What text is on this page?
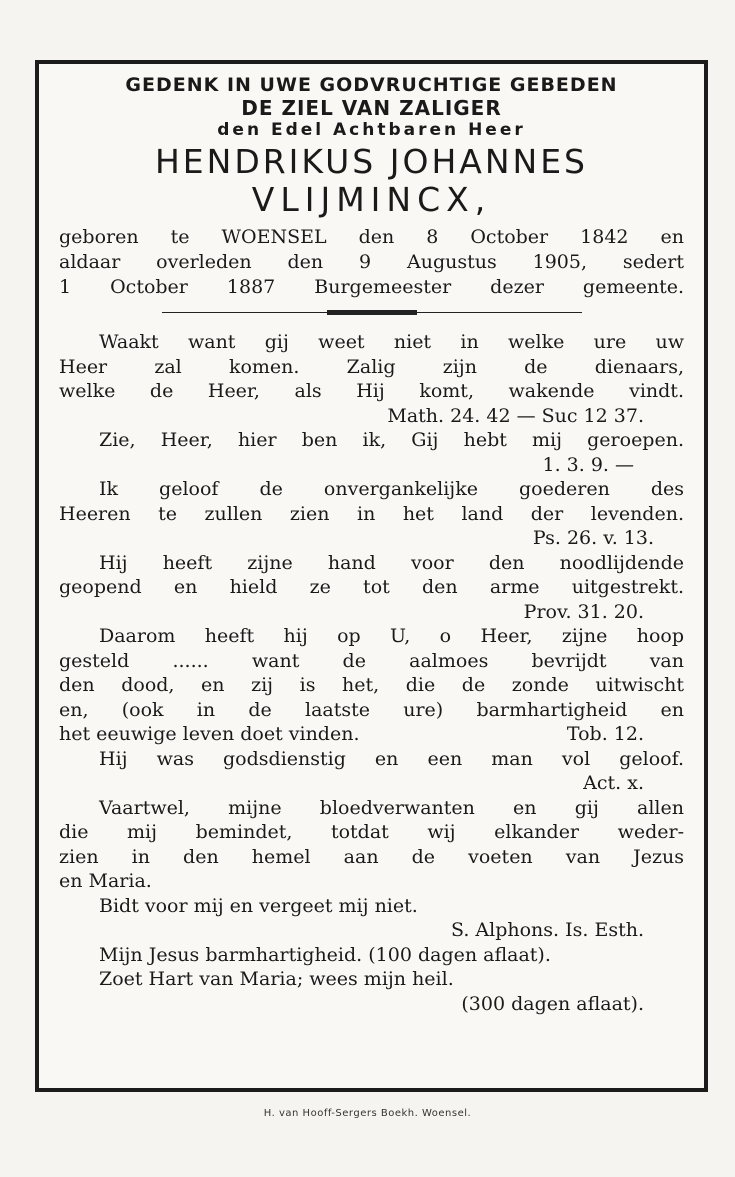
GEDENK IN UWE GODVRUCHTIGE GEBEDEN
DE ZIEL VAN ZALIGER
den Edel Achtbaren Heer
HENDRIKUS JOHANNES
VLIJMINCX,
geboren te WOENSEL den 8 October 1842 en
aldaar overleden den 9 Augustus 1905, sedert
1 October 1887 Burgemeester dezer gemeente.
Waakt want gij weet niet in welke ure uw
Heer zal komen. Zalig zijn de dienaars,
welke de Heer, als Hij komt, wakende vindt.
Math. 24. 42 — Suc 12 37.
Zie, Heer, hier ben ik, Gij hebt mij geroepen.
1. 3. 9. —
Ik geloof de onvergankelijke goederen des
Heeren te zullen zien in het land der levenden.
Ps. 26. v. 13.
Hij heeft zijne hand voor den noodlijdende
geopend en hield ze tot den arme uitgestrekt.
Prov. 31. 20.
Daarom heeft hij op U, o Heer, zijne hoop
gesteld ...... want de aalmoes bevrijdt van
den dood, en zij is het, die de zonde uitwischt
en, (ook in de laatste ure) barmhartigheid en
het eeuwige leven doet vinden.	Tob. 12.
Hij was godsdienstig en een man vol geloof.
Act. x.
Vaartwel, mijne bloedverwanten en gij allen
die mij bemindet, totdat wij elkander weder-
zien in den hemel aan de voeten van Jezus
en Maria.
Bidt voor mij en vergeet mij niet.
S. Alphons. Is. Esth.
Mijn Jesus barmhartigheid. (100 dagen aflaat).
Zoet Hart van Maria; wees mijn heil.
(300 dagen aflaat).
H. van Hooff-Sergers Boekh. Woensel.
